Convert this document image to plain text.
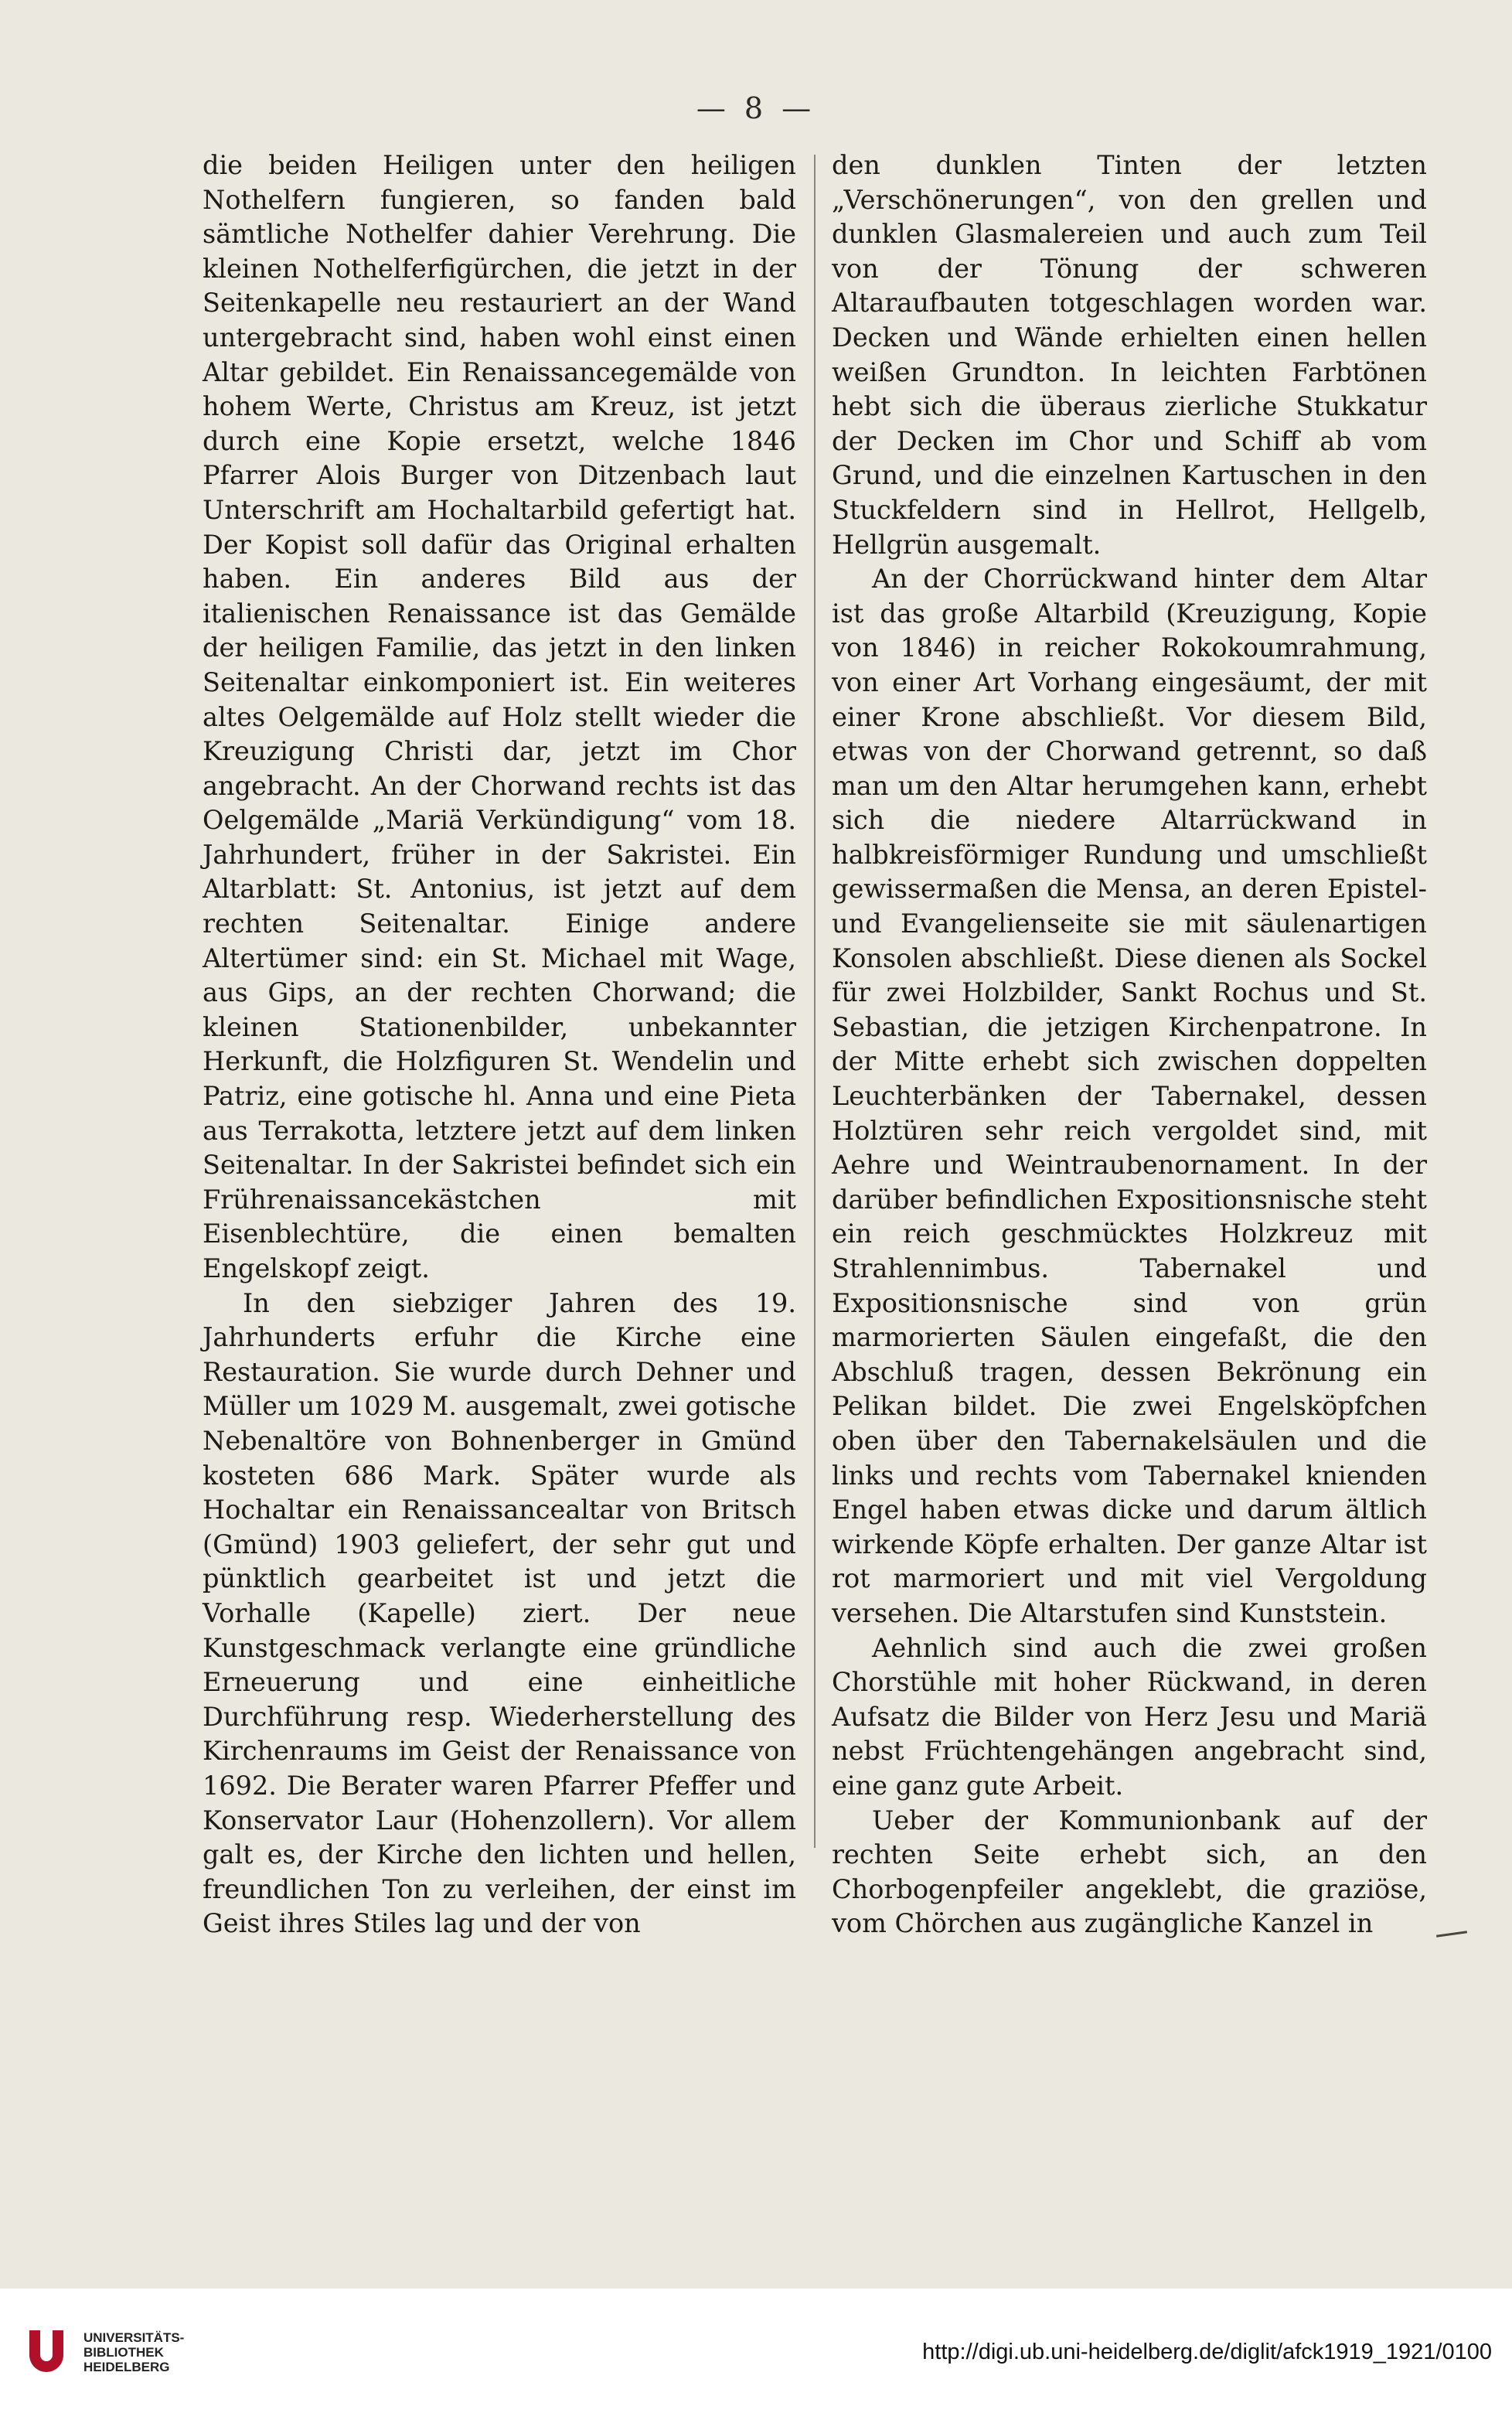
— 8 —

die beiden Heiligen unter den heiligen Nothelfern fungieren, so fanden bald sämtliche Nothelfer dahier Verehrung. Die kleinen Nothelferfigürchen, die jetzt in der Seitenkapelle neu restauriert an der Wand untergebracht sind, haben wohl einst einen Altar gebildet. Ein Renaissancegemälde von hohem Werte, Christus am Kreuz, ist jetzt durch eine Kopie ersetzt, welche 1846 Pfarrer Alois Burger von Ditzenbach laut Unterschrift am Hochaltarbild gefertigt hat. Der Kopist soll dafür das Original erhalten haben. Ein anderes Bild aus der italienischen Renaissance ist das Gemälde der heiligen Familie, das jetzt in den linken Seitenaltar einkomponiert ist. Ein weiteres altes Oelgemälde auf Holz stellt wieder die Kreuzigung Christi dar, jetzt im Chor angebracht. An der Chorwand rechts ist das Oelgemälde „Mariä Verkündigung“ vom 18. Jahrhundert, früher in der Sakristei. Ein Altarblatt: St. Antonius, ist jetzt auf dem rechten Seitenaltar. Einige andere Altertümer sind: ein St. Michael mit Wage, aus Gips, an der rechten Chorwand; die kleinen Stationenbilder, unbekannter Herkunft, die Holzfiguren St. Wendelin und Patriz, eine gotische hl. Anna und eine Pieta aus Terrakotta, letztere jetzt auf dem linken Seitenaltar. In der Sakristei befindet sich ein Frührenaissancekästchen mit Eisenblechtüre, die einen bemalten Engelskopf zeigt.

In den siebziger Jahren des 19. Jahrhunderts erfuhr die Kirche eine Restauration. Sie wurde durch Dehner und Müller um 1029 M. ausgemalt, zwei gotische Nebenaltöre von Bohnenberger in Gmünd kosteten 686 Mark. Später wurde als Hochaltar ein Renaissancealtar von Britsch (Gmünd) 1903 geliefert, der sehr gut und pünktlich gearbeitet ist und jetzt die Vorhalle (Kapelle) ziert. Der neue Kunstgeschmack verlangte eine gründliche Erneuerung und eine einheitliche Durchführung resp. Wiederherstellung des Kirchenraums im Geist der Renaissance von 1692. Die Berater waren Pfarrer Pfeffer und Konservator Laur (Hohenzollern). Vor allem galt es, der Kirche den lichten und hellen, freundlichen Ton zu verleihen, der einst im Geist ihres Stiles lag und der von

den dunklen Tinten der letzten „Verschönerungen“, von den grellen und dunklen Glasmalereien und auch zum Teil von der Tönung der schweren Altaraufbauten totgeschlagen worden war. Decken und Wände erhielten einen hellen weißen Grundton. In leichten Farbtönen hebt sich die überaus zierliche Stukkatur der Decken im Chor und Schiff ab vom Grund, und die einzelnen Kartuschen in den Stuckfeldern sind in Hellrot, Hellgelb, Hellgrün ausgemalt.

An der Chorrückwand hinter dem Altar ist das große Altarbild (Kreuzigung, Kopie von 1846) in reicher Rokokoumrahmung, von einer Art Vorhang eingesäumt, der mit einer Krone abschließt. Vor diesem Bild, etwas von der Chorwand getrennt, so daß man um den Altar herumgehen kann, erhebt sich die niedere Altarrückwand in halbkreisförmiger Rundung und umschließt gewissermaßen die Mensa, an deren Epistel- und Evangelienseite sie mit säulenartigen Konsolen abschließt. Diese dienen als Sockel für zwei Holzbilder, Sankt Rochus und St. Sebastian, die jetzigen Kirchenpatrone. In der Mitte erhebt sich zwischen doppelten Leuchterbänken der Tabernakel, dessen Holztüren sehr reich vergoldet sind, mit Aehre und Weintraubenornament. In der darüber befindlichen Expositionsnische steht ein reich geschmücktes Holzkreuz mit Strahlennimbus. Tabernakel und Expositionsnische sind von grün marmorierten Säulen eingefaßt, die den Abschluß tragen, dessen Bekrönung ein Pelikan bildet. Die zwei Engelsköpfchen oben über den Tabernakelsäulen und die links und rechts vom Tabernakel knienden Engel haben etwas dicke und darum ältlich wirkende Köpfe erhalten. Der ganze Altar ist rot marmoriert und mit viel Vergoldung versehen. Die Altarstufen sind Kunststein.

Aehnlich sind auch die zwei großen Chorstühle mit hoher Rückwand, in deren Aufsatz die Bilder von Herz Jesu und Mariä nebst Früchtengehängen angebracht sind, eine ganz gute Arbeit.

Ueber der Kommunionbank auf der rechten Seite erhebt sich, an den Chorbogenpfeiler angeklebt, die graziöse, vom Chörchen aus zugängliche Kanzel in

UNIVERSITÄTS-
BIBLIOTHEK
HEIDELBERG
http://digi.ub.uni-heidelberg.de/diglit/afck1919_1921/0100
